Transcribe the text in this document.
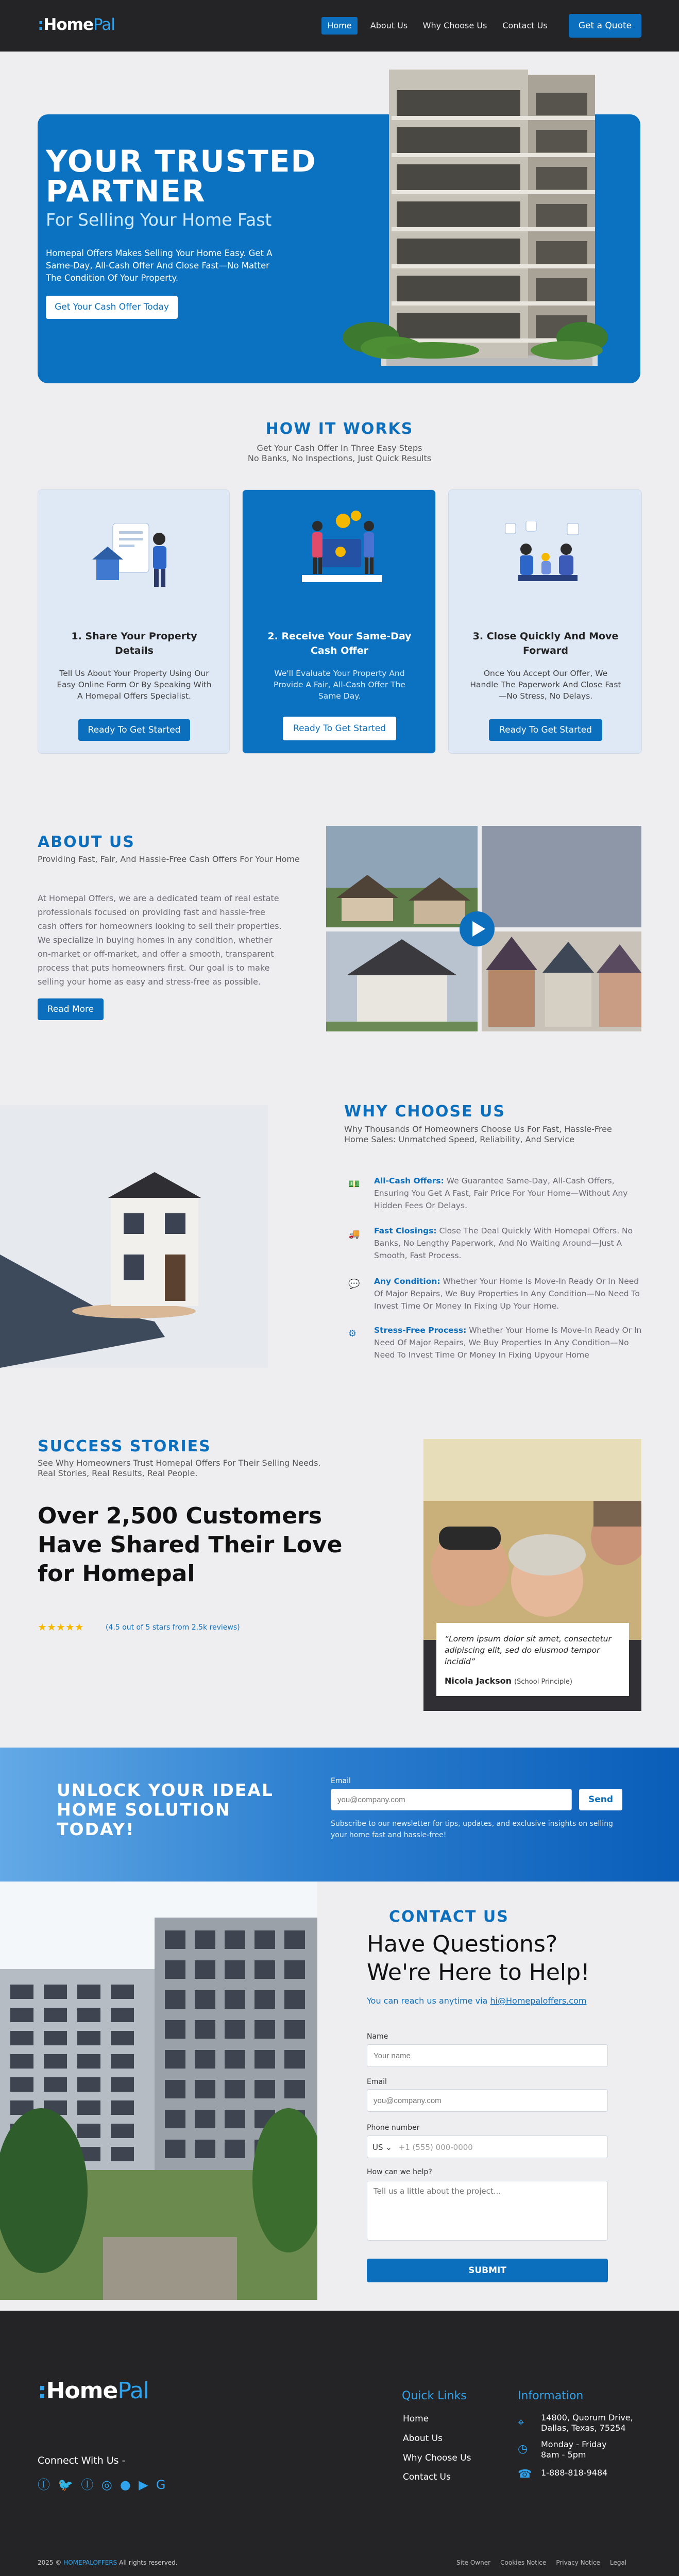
:HomePal	Home	About Us	Why Choose Us	Contact Us	Get a Quote
YOUR TRUSTED
PARTNER
For Selling Your Home Fast
Homepal Offers Makes Selling Your Home Easy. Get A Same-Day, All-Cash Offer And Close Fast—No Matter The Condition Of Your Property.
Get Your Cash Offer Today
HOW IT WORKS
Get Your Cash Offer In Three Easy Steps
No Banks, No Inspections, Just Quick Results
1. Share Your Property Details
Tell Us About Your Property Using Our Easy Online Form Or By Speaking With A Homepal Offers Specialist.
Ready To Get Started
2. Receive Your Same-Day Cash Offer
We'll Evaluate Your Property And Provide A Fair, All-Cash Offer The Same Day.
Ready To Get Started
3. Close Quickly And Move Forward
Once You Accept Our Offer, We Handle The Paperwork And Close Fast—No Stress, No Delays.
Ready To Get Started
ABOUT US
Providing Fast, Fair, And Hassle-Free Cash Offers For Your Home
At Homepal Offers, we are a dedicated team of real estate professionals focused on providing fast and hassle-free cash offers for homeowners looking to sell their properties. We specialize in buying homes in any condition, whether on-market or off-market, and offer a smooth, transparent process that puts homeowners first. Our goal is to make selling your home as easy and stress-free as possible.
Read More
WHY CHOOSE US
Why Thousands Of Homeowners Choose Us For Fast, Hassle-Free Home Sales: Unmatched Speed, Reliability, And Service
💵 All-Cash Offers: We Guarantee Same-Day, All-Cash Offers, Ensuring You Get A Fast, Fair Price For Your Home—Without Any Hidden Fees Or Delays.
🚚 Fast Closings: Close The Deal Quickly With Homepal Offers. No Banks, No Lengthy Paperwork, And No Waiting Around—Just A Smooth, Fast Process.
💬 Any Condition: Whether Your Home Is Move-In Ready Or In Need Of Major Repairs, We Buy Properties In Any Condition—No Need To Invest Time Or Money In Fixing Up Your Home.
⚙	Stress-Free Process: Whether Your Home Is Move-In Ready Or In Need Of Major Repairs, We Buy Properties In Any Condition—No Need To Invest Time Or Money In Fixing Upyour Home
SUCCESS STORIES
See Why Homeowners Trust Homepal Offers For Their Selling Needs.
Real Stories, Real Results, Real People.
Over 2,500 Customers
Have Shared Their Love
for Homepal
★★★★★	(4.5 out of 5 stars from 2.5k reviews)
“Lorem ipsum dolor sit amet, consectetur adipiscing elit, sed do eiusmod tempor incidid”
Nicola Jackson (School Principle)
UNLOCK YOUR IDEAL
HOME SOLUTION
TODAY!
Email
you@company.com
Send
Subscribe to our newsletter for tips, updates, and exclusive insights on selling your home fast and hassle-free!
CONTACT US
Have Questions?
We're Here to Help!
You can reach us anytime via hi@Homepaloffers.com
Name
Your name
Email
you@company.com
Phone number
US ⌄ +1 (555) 000-0000
How can we help?
Tell us a little about the project...
SUBMIT
:HomePal
Connect With Us -
ⓕ 🐦 ⓛ ◎ ● ▶ G
Quick Links
Home
About Us
Why Choose Us
Contact Us
Information
⌖ 14800, Quorum Drive,
Dallas, Texas, 75254
◷ Monday - Friday
8am - 5pm
☎ 1-888-818-9484
2025 © HOMEPALOFFERS All rights reserved.	Site Owner Cookies Notice Privacy Notice Legal
